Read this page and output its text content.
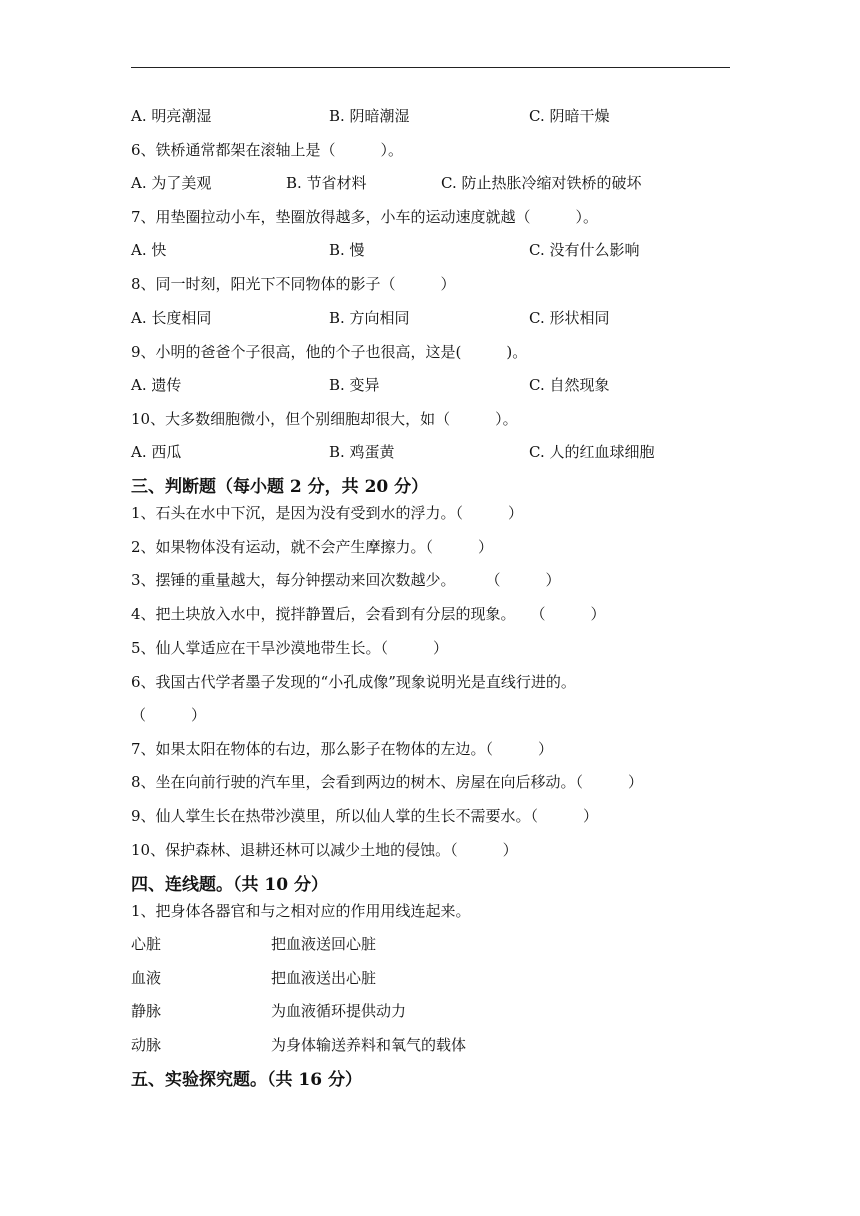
A. 明亮潮湿	B. 阴暗潮湿	C. 阴暗干燥
6、铁桥通常都架在滚轴上是（　　　）。
A. 为了美观	B. 节省材料	C. 防止热胀冷缩对铁桥的破坏
7、用垫圈拉动小车，垫圈放得越多，小车的运动速度就越（　　　）。
A. 快	B. 慢	C. 没有什么影响
8、同一时刻，阳光下不同物体的影子（　　　）
A. 长度相同	B. 方向相同	C. 形状相同
9、小明的爸爸个子很高，他的个子也很高，这是(　　　)。
A. 遗传	B. 变异	C. 自然现象
10、大多数细胞微小，但个别细胞却很大，如（　　　）。
A. 西瓜	B. 鸡蛋黄	C. 人的红血球细胞
三、判断题（每小题 2 分，共 20 分）
1、石头在水中下沉，是因为没有受到水的浮力。（　　　）
2、如果物体没有运动，就不会产生摩擦力。（　　　）
3、摆锤的重量越大，每分钟摆动来回次数越少。　　　（　　　）
4、把土块放入水中，搅拌静置后，会看到有分层的现象。　　（　　　）
5、仙人掌适应在干旱沙漠地带生长。（　　　）
6、我国古代学者墨子发现的“小孔成像”现象说明光是直线行进的。
（　　　）
7、如果太阳在物体的右边，那么影子在物体的左边。（　　　）
8、坐在向前行驶的汽车里，会看到两边的树木、房屋在向后移动。（　　　）
9、仙人掌生长在热带沙漠里，所以仙人掌的生长不需要水。（　　　）
10、保护森林、退耕还林可以减少土地的侵蚀。（　　　）
四、连线题。（共 10 分）
1、把身体各器官和与之相对应的作用用线连起来。
心脏	把血液送回心脏
血液	把血液送出心脏
静脉	为血液循环提供动力
动脉	为身体输送养料和氧气的载体
五、实验探究题。（共 16 分）
